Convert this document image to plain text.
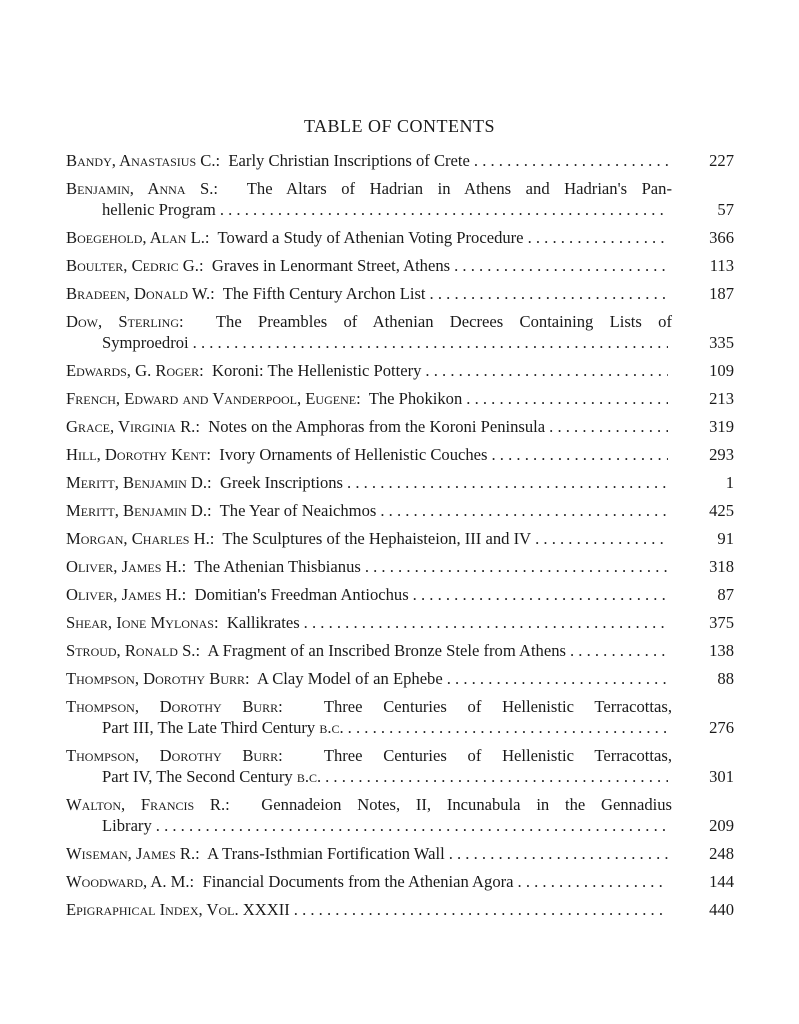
TABLE OF CONTENTS
Bandy, Anastasius C.: Early Christian Inscriptions of Crete . . .	227
Benjamin, Anna S.: The Altars of Hadrian in Athens and Hadrian's Pan-
hellenic Program . . .	57
Boegehold, Alan L.: Toward a Study of Athenian Voting Procedure . . .	366
Boulter, Cedric G.: Graves in Lenormant Street, Athens . . .	113
Bradeen, Donald W.: The Fifth Century Archon List . . .	187
Dow, Sterling: The Preambles of Athenian Decrees Containing Lists of
Symproedroi . . .	335
Edwards, G. Roger: Koroni: The Hellenistic Pottery . . .	109
French, Edward and Vanderpool, Eugene: The Phokikon . . .	213
Grace, Virginia R.: Notes on the Amphoras from the Koroni Peninsula . . .	319
Hill, Dorothy Kent: Ivory Ornaments of Hellenistic Couches . . .	293
Meritt, Benjamin D.: Greek Inscriptions . . .	1
Meritt, Benjamin D.: The Year of Neaichmos . . .	425
Morgan, Charles H.: The Sculptures of the Hephaisteion, III and IV . . .	91
Oliver, James H.: The Athenian Thisbianus . . .	318
Oliver, James H.: Domitian's Freedman Antiochus . . .	87
Shear, Ione Mylonas: Kallikrates . . .	375
Stroud, Ronald S.: A Fragment of an Inscribed Bronze Stele from Athens . . .	138
Thompson, Dorothy Burr: A Clay Model of an Ephebe . . .	88
Thompson, Dorothy Burr: Three Centuries of Hellenistic Terracottas,
Part III, The Late Third Century b.c. . . .	276
Thompson, Dorothy Burr: Three Centuries of Hellenistic Terracottas,
Part IV, The Second Century b.c. . . .	301
Walton, Francis R.: Gennadeion Notes, II, Incunabula in the Gennadius
Library . . .	209
Wiseman, James R.: A Trans-Isthmian Fortification Wall . . .	248
Woodward, A. M.: Financial Documents from the Athenian Agora . . .	144
Epigraphical Index, Vol. XXXII . . .	440
